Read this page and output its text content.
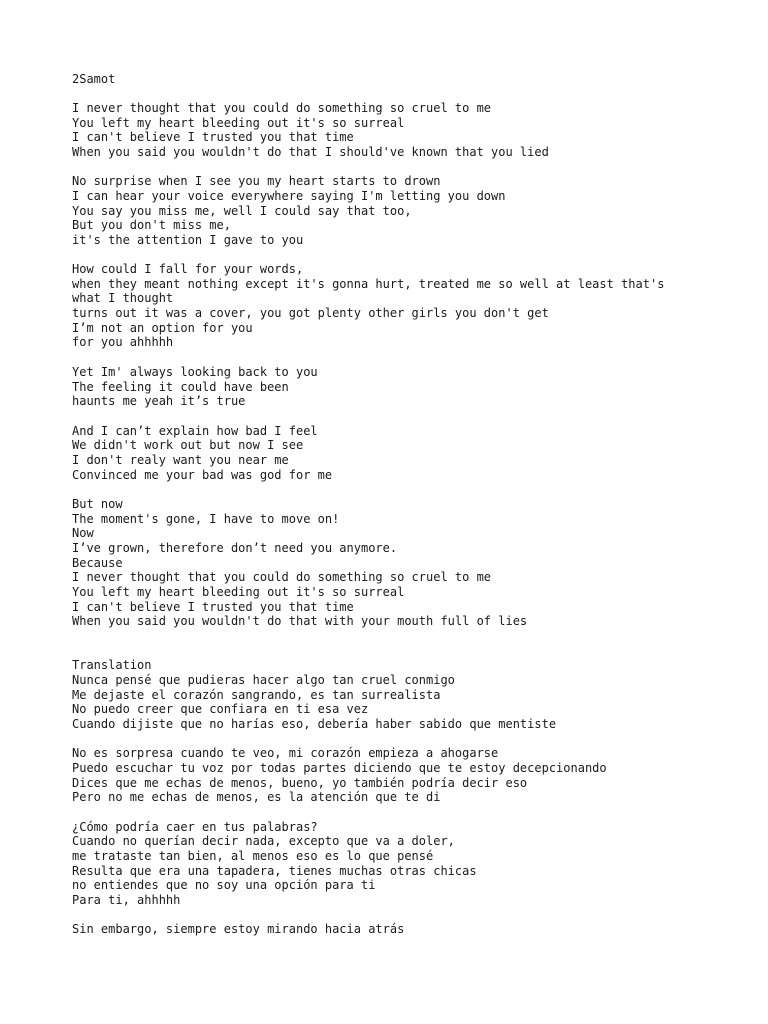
2Samot

I never thought that you could do something so cruel to me

You left my heart bleeding out it's so surreal

I can't believe I trusted you that time

When you said you wouldn't do that I should've known that you lied

No surprise when I see you my heart starts to drown

I can hear your voice everywhere saying I'm letting you down

You say you miss me, well I could say that too,

But you don't miss me,

it's the attention I gave to you

How could I fall for your words,

when they meant nothing except it's gonna hurt, treated me so well at least that's

what I thought

turns out it was a cover, you got plenty other girls you don't get

I’m not an option for you

for you ahhhhh

Yet Im' always looking back to you

The feeling it could have been

haunts me yeah it’s true

And I can’t explain how bad I feel

We didn't work out but now I see

I don't realy want you near me

Convinced me your bad was god for me

But now

The moment's gone, I have to move on!

Now

I’ve grown, therefore don’t need you anymore.

Because

I never thought that you could do something so cruel to me

You left my heart bleeding out it's so surreal

I can't believe I trusted you that time

When you said you wouldn't do that with your mouth full of lies

Translation

Nunca pensé que pudieras hacer algo tan cruel conmigo

Me dejaste el corazón sangrando, es tan surrealista

No puedo creer que confiara en ti esa vez

Cuando dijiste que no harías eso, debería haber sabido que mentiste

No es sorpresa cuando te veo, mi corazón empieza a ahogarse

Puedo escuchar tu voz por todas partes diciendo que te estoy decepcionando

Dices que me echas de menos, bueno, yo también podría decir eso

Pero no me echas de menos, es la atención que te di

¿Cómo podría caer en tus palabras?

Cuando no querían decir nada, excepto que va a doler,

me trataste tan bien, al menos eso es lo que pensé

Resulta que era una tapadera, tienes muchas otras chicas

no entiendes que no soy una opción para ti

Para ti, ahhhhh

Sin embargo, siempre estoy mirando hacia atrás
